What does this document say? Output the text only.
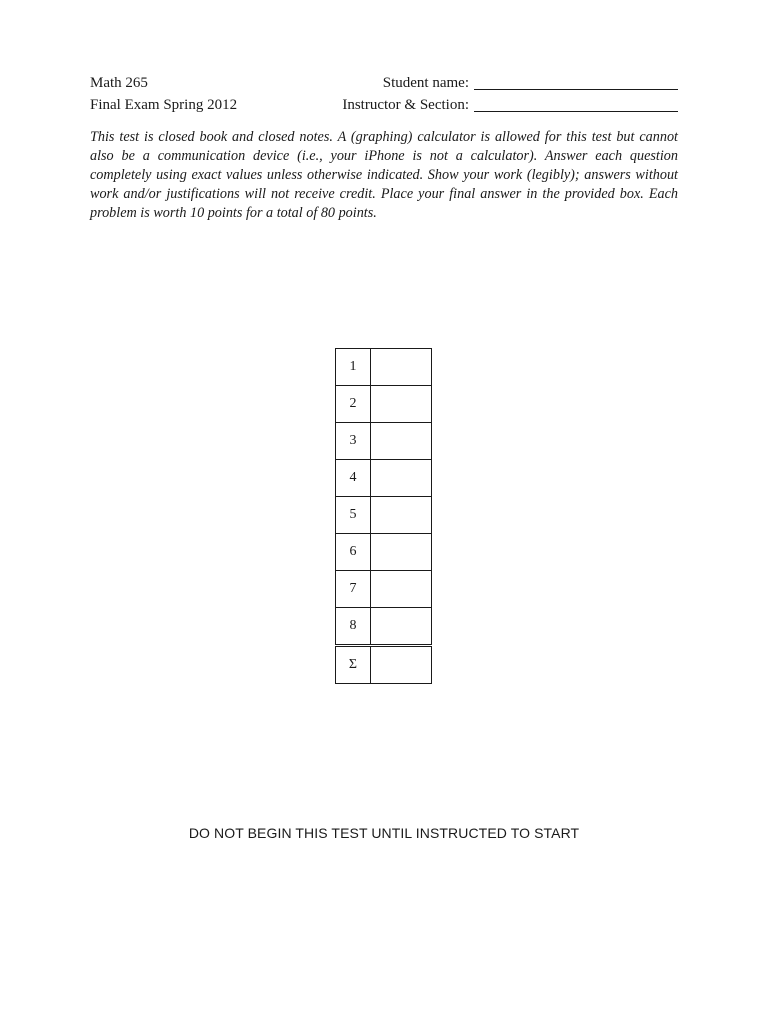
Math 265
Final Exam Spring 2012
Student name:
Instructor & Section:
This test is closed book and closed notes. A (graphing) calculator is allowed for this test but cannot also be a communication device (i.e., your iPhone is not a calculator). Answer each question completely using exact values unless otherwise indicated. Show your work (legibly); answers without work and/or justifications will not receive credit. Place your final answer in the provided box. Each problem is worth 10 points for a total of 80 points.
1	
2	
3	
4	
5	
6	
7	
8	

Σ	
DO NOT BEGIN THIS TEST UNTIL INSTRUCTED TO START
